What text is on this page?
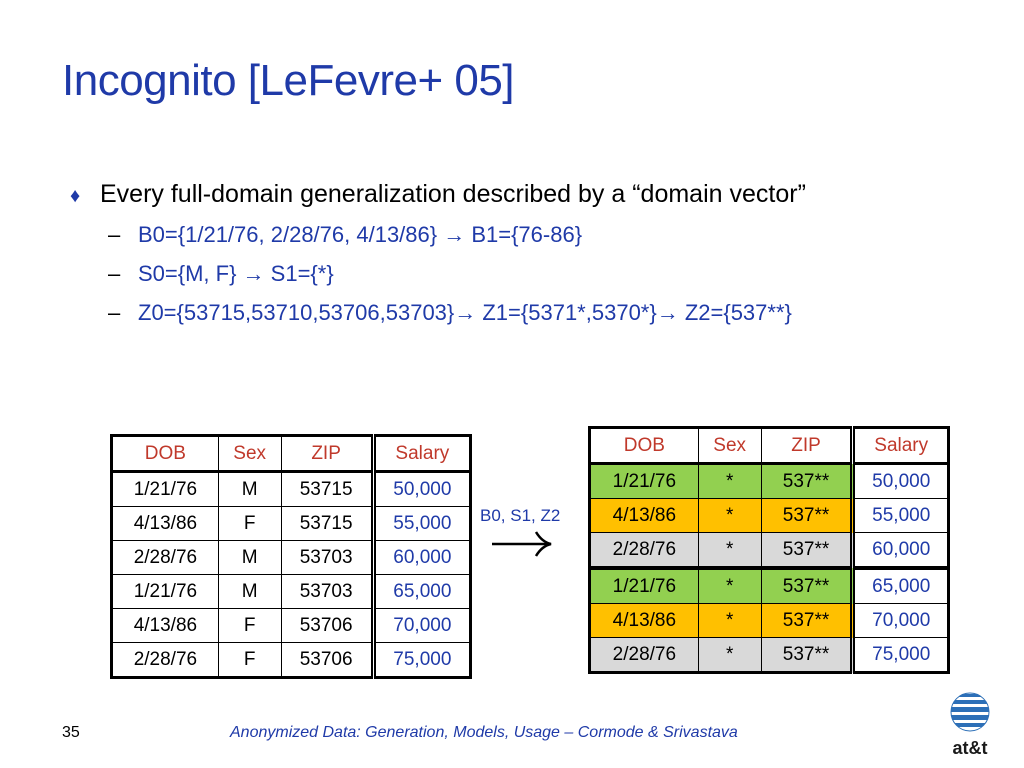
Incognito [LeFevre+ 05]
♦ Every full-domain generalization described by a “domain vector”
– B0={1/21/76, 2/28/76, 4/13/86} → B1={76-86}
– S0={M, F} → S1={*}
– Z0={53715,53710,53706,53703}→ Z1={5371*,5370*}→ Z2={537**}
DOB	Sex	ZIP	Salary
1/21/76	M	53715	50,000
4/13/86	F	53715	55,000
2/28/76	M	53703	60,000
1/21/76	M	53703	65,000
4/13/86	F	53706	70,000
2/28/76	F	53706	75,000
B0, S1, Z2
DOB	Sex	ZIP	Salary
1/21/76	*	537**	50,000
4/13/86	*	537**	55,000
2/28/76	*	537**	60,000
1/21/76	*	537**	65,000
4/13/86	*	537**	70,000
2/28/76	*	537**	75,000
35	Anonymized Data: Generation, Models, Usage – Cormode & Srivastava
at&t
